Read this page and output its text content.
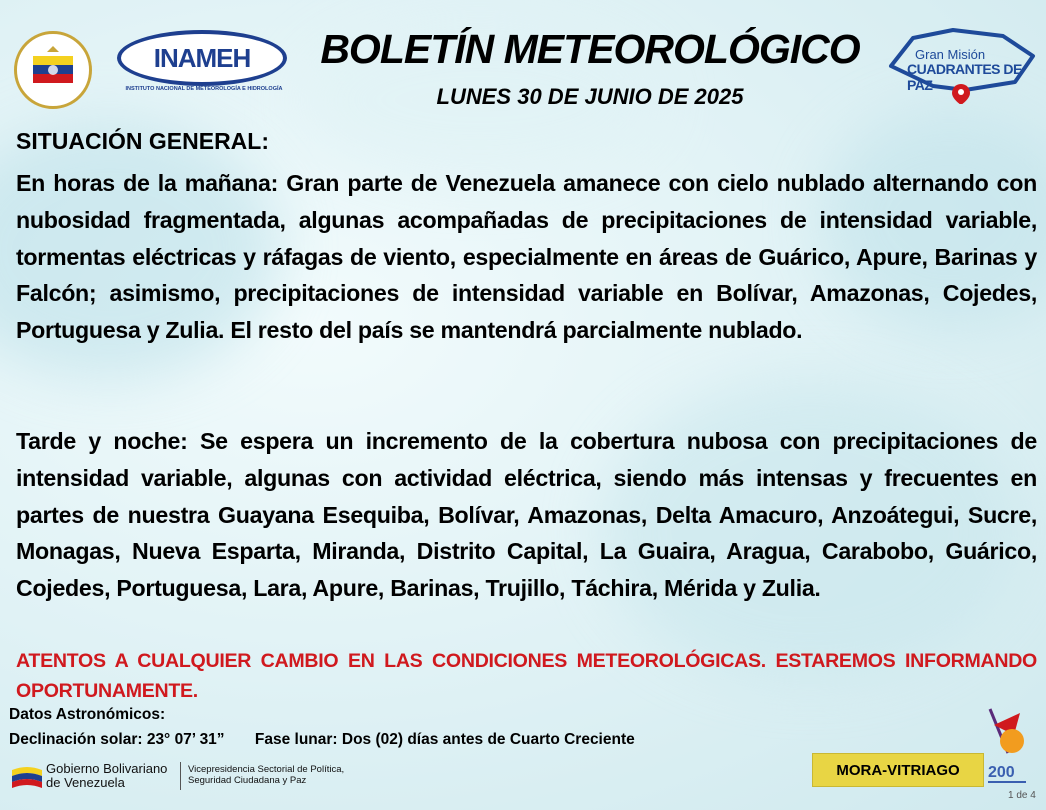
INAMEH
INSTITUTO NACIONAL DE METEOROLOGÍA E HIDROLOGÍA
BOLETÍN METEOROLÓGICO
LUNES 30 DE JUNIO DE 2025
Gran Misión
CUADRANTES DE PAZ
SITUACIÓN GENERAL:

En horas de la mañana: Gran parte de Venezuela amanece con cielo nublado alternando con nubosidad fragmentada, algunas acompañadas de precipitaciones de intensidad variable, tormentas eléctricas y ráfagas de viento, especialmente en áreas de Guárico, Apure, Barinas y Falcón; asimismo, precipitaciones de intensidad variable en Bolívar, Amazonas, Cojedes, Portuguesa y Zulia. El resto del país se mantendrá parcialmente nublado.

Tarde y noche: Se espera un incremento de la cobertura nubosa con precipitaciones de intensidad variable, algunas con actividad eléctrica, siendo más intensas y frecuentes en partes de nuestra Guayana Esequiba, Bolívar, Amazonas, Delta Amacuro, Anzoátegui, Sucre, Monagas, Nueva Esparta, Miranda, Distrito Capital, La Guaira, Aragua, Carabobo, Guárico, Cojedes, Portuguesa, Lara, Apure, Barinas, Trujillo, Táchira, Mérida y Zulia.

ATENTOS A CUALQUIER CAMBIO EN LAS CONDICIONES METEOROLÓGICAS. ESTAREMOS INFORMANDO OPORTUNAMENTE.

Datos Astronómicos:
Declinación solar: 23° 07’ 31” Fase lunar: Dos (02) días antes de Cuarto Creciente
Gobierno Bolivariano de Venezuela
Vicepresidencia Sectorial de Política, Seguridad Ciudadana y Paz
MORA-VITRIAGO	200
1 de 4
